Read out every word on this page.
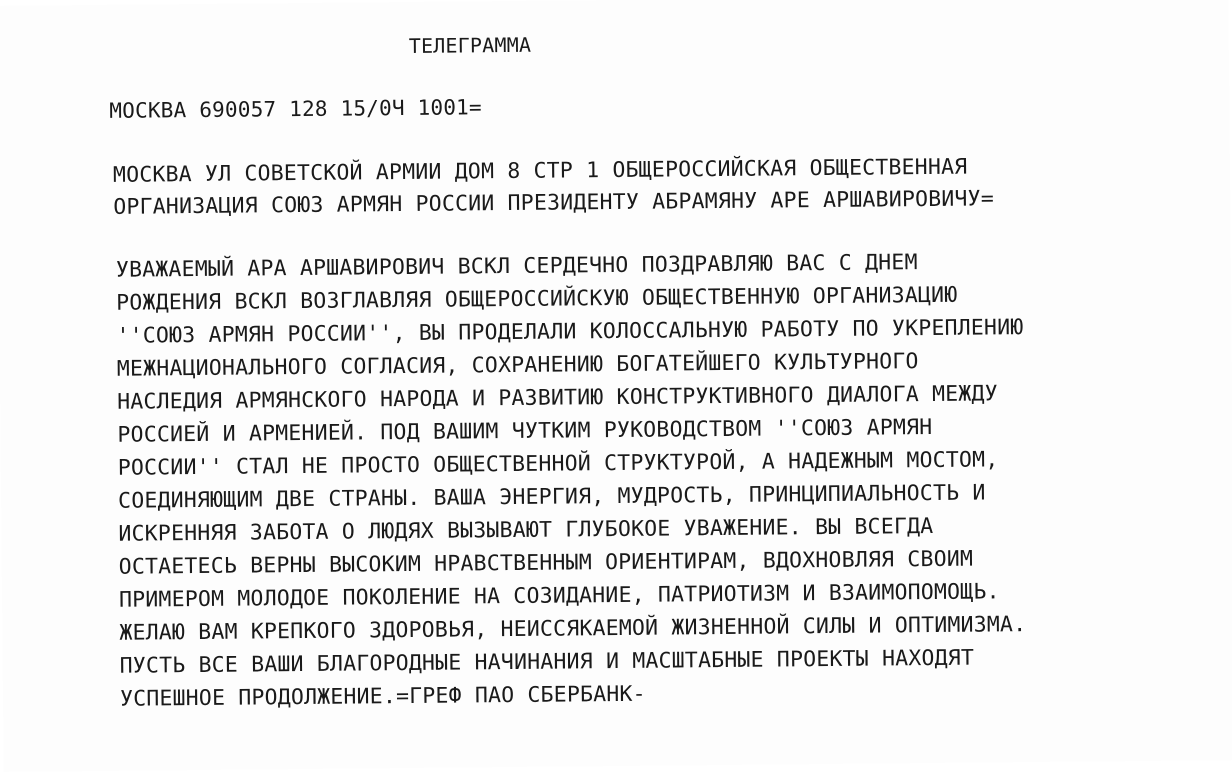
ТЕЛЕГРАММА
МОСКВА 690057 128 15/0Ч 1001=
МОСКВА УЛ СОВЕТСКОЙ АРМИИ ДОМ 8 СТР 1 ОБЩЕРОССИЙСКАЯ ОБЩЕСТВЕННАЯ
ОРГАНИЗАЦИЯ СОЮЗ АРМЯН РОССИИ ПРЕЗИДЕНТУ АБРАМЯНУ АРЕ АРШАВИРОВИЧУ=
УВАЖАЕМЫЙ АРА АРШАВИРОВИЧ ВСКЛ СЕРДЕЧНО ПОЗДРАВЛЯЮ ВАС С ДНЕМ
РОЖДЕНИЯ ВСКЛ ВОЗГЛАВЛЯЯ ОБЩЕРОССИЙСКУЮ ОБЩЕСТВЕННУЮ ОРГАНИЗАЦИЮ
''СОЮЗ АРМЯН РОССИИ'', ВЫ ПРОДЕЛАЛИ КОЛОССАЛЬНУЮ РАБОТУ ПО УКРЕПЛЕНИЮ
МЕЖНАЦИОНАЛЬНОГО СОГЛАСИЯ, СОХРАНЕНИЮ БОГАТЕЙШЕГО КУЛЬТУРНОГО
НАСЛЕДИЯ АРМЯНСКОГО НАРОДА И РАЗВИТИЮ КОНСТРУКТИВНОГО ДИАЛОГА МЕЖДУ
РОССИЕЙ И АРМЕНИЕЙ. ПОД ВАШИМ ЧУТКИМ РУКОВОДСТВОМ ''СОЮЗ АРМЯН
РОССИИ'' СТАЛ НЕ ПРОСТО ОБЩЕСТВЕННОЙ СТРУКТУРОЙ, А НАДЕЖНЫМ МОСТОМ,
СОЕДИНЯЮЩИМ ДВЕ СТРАНЫ. ВАША ЭНЕРГИЯ, МУДРОСТЬ, ПРИНЦИПИАЛЬНОСТЬ И
ИСКРЕННЯЯ ЗАБОТА О ЛЮДЯХ ВЫЗЫВАЮТ ГЛУБОКОЕ УВАЖЕНИЕ. ВЫ ВСЕГДА
ОСТАЕТЕСЬ ВЕРНЫ ВЫСОКИМ НРАВСТВЕННЫМ ОРИЕНТИРАМ, ВДОХНОВЛЯЯ СВОИМ
ПРИМЕРОМ МОЛОДОЕ ПОКОЛЕНИЕ НА СОЗИДАНИЕ, ПАТРИОТИЗМ И ВЗАИМОПОМОЩЬ.
ЖЕЛАЮ ВАМ КРЕПКОГО ЗДОРОВЬЯ, НЕИССЯКАЕМОЙ ЖИЗНЕННОЙ СИЛЫ И ОПТИМИЗМА.
ПУСТЬ ВСЕ ВАШИ БЛАГОРОДНЫЕ НАЧИНАНИЯ И МАСШТАБНЫЕ ПРОЕКТЫ НАХОДЯТ
УСПЕШНОЕ ПРОДОЛЖЕНИЕ.=ГРЕФ ПАО СБЕРБАНК-
